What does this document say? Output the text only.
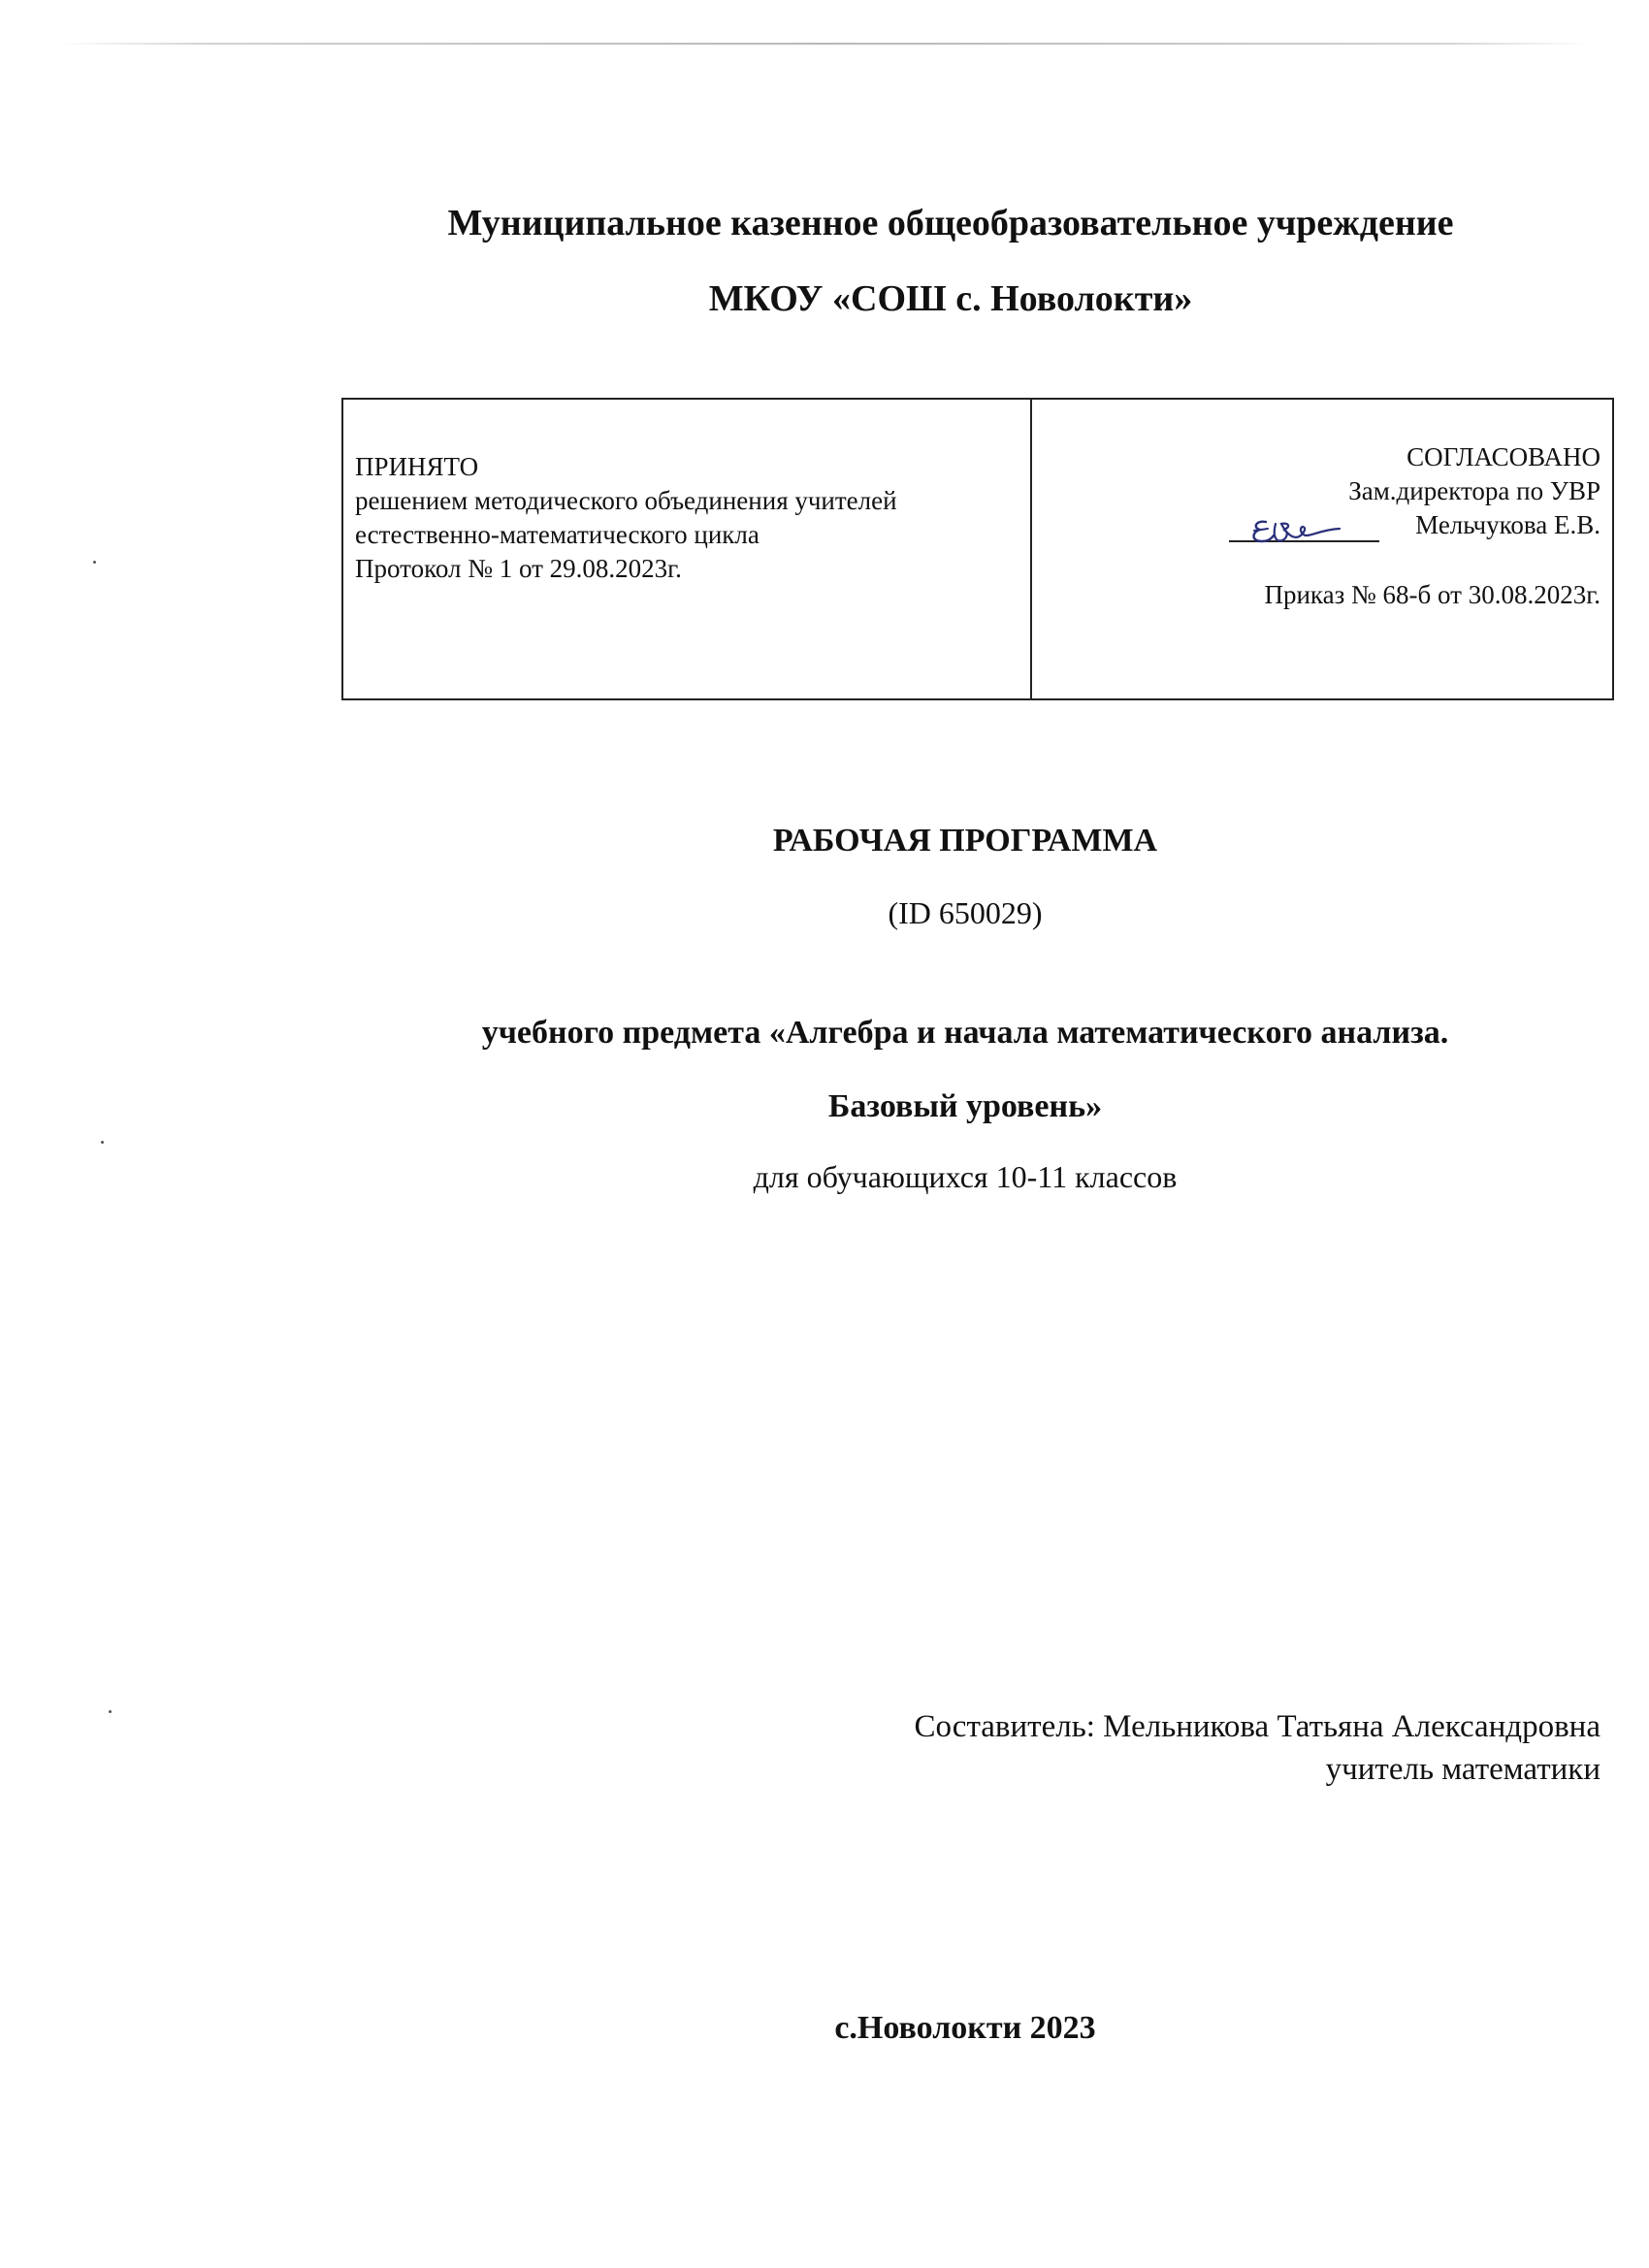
Муниципальное казенное общеобразовательное учреждение
МКОУ «СОШ с. Новолокти»
ПРИНЯТО
решением методического объединения учителей
естественно-математического цикла
Протокол № 1 от 29.08.2023г.
СОГЛАСОВАНО
Зам.директора по УВР
Мельчукова Е.В.
Приказ № 68-б от 30.08.2023г.
РАБОЧАЯ ПРОГРАММА
(ID 650029)
учебного предмета «Алгебра и начала математического анализа.
Базовый уровень»
для обучающихся 10-11 классов
Составитель: Мельникова Татьяна Александровна
учитель математики
с.Новолокти 2023
